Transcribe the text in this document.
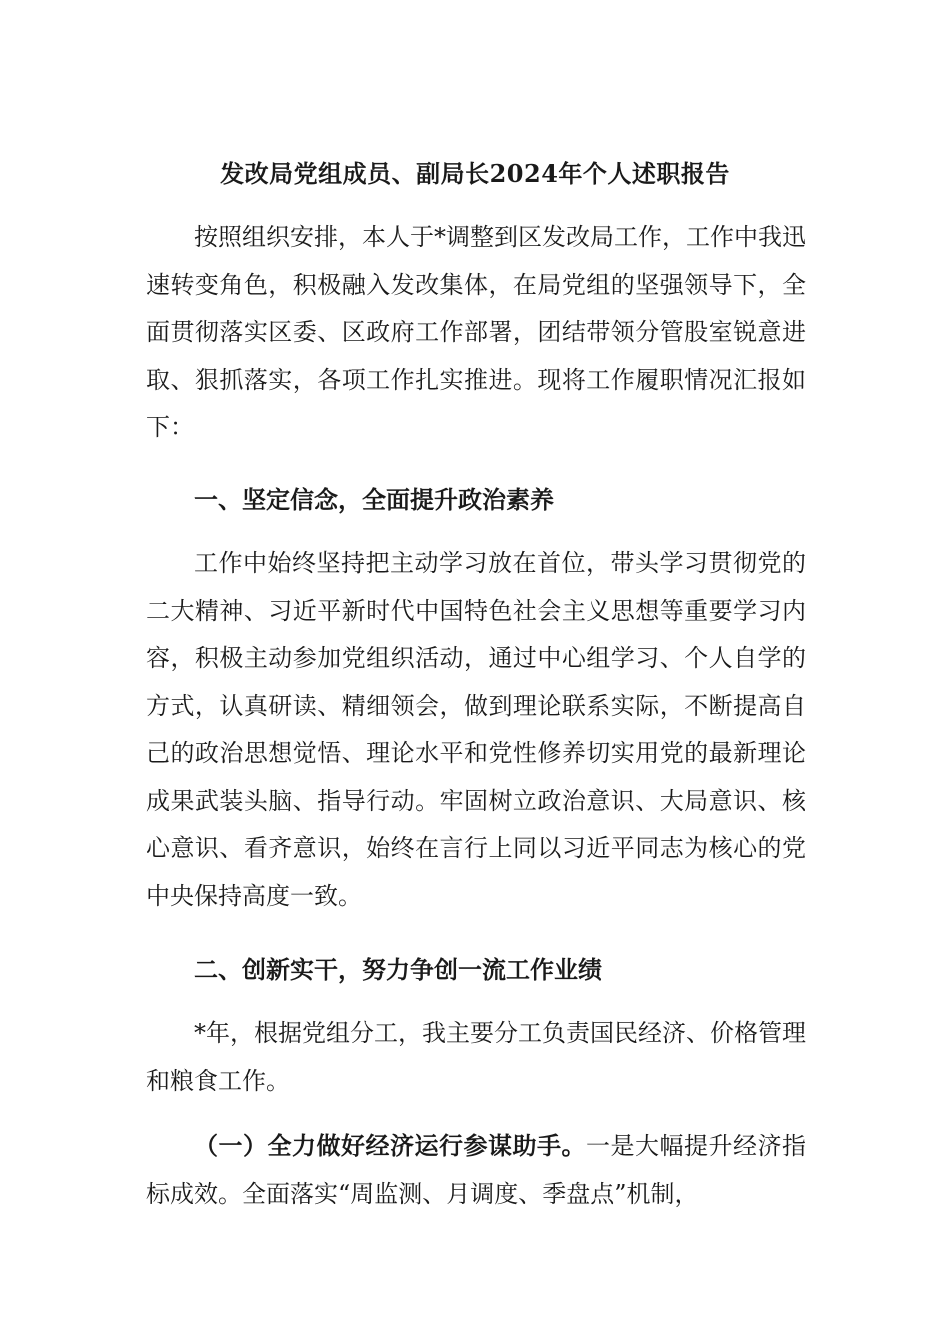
发改局党组成员、副局长2024年个人述职报告

按照组织安排，本人于*调整到区发改局工作，工作中我迅速转变角色，积极融入发改集体，在局党组的坚强领导下，全面贯彻落实区委、区政府工作部署，团结带领分管股室锐意进取、狠抓落实，各项工作扎实推进。现将工作履职情况汇报如下：

一、坚定信念，全面提升政治素养

工作中始终坚持把主动学习放在首位，带头学习贯彻党的二大精神、习近平新时代中国特色社会主义思想等重要学习内容，积极主动参加党组织活动，通过中心组学习、个人自学的方式，认真研读、精细领会，做到理论联系实际，不断提高自己的政治思想觉悟、理论水平和党性修养切实用党的最新理论成果武装头脑、指导行动。牢固树立政治意识、大局意识、核心意识、看齐意识，始终在言行上同以习近平同志为核心的党中央保持高度一致。

二、创新实干，努力争创一流工作业绩

*年，根据党组分工，我主要分工负责国民经济、价格管理和粮食工作。

（一）全力做好经济运行参谋助手。一是大幅提升经济指标成效。全面落实“周监测、月调度、季盘点”机制，
